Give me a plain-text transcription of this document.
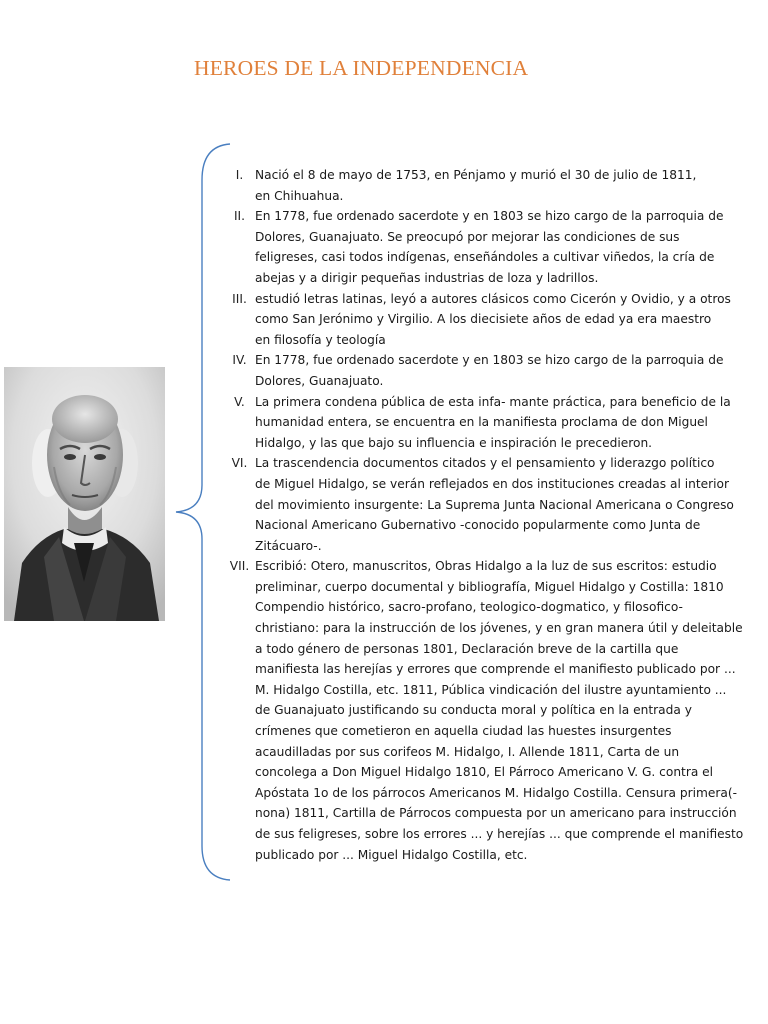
HEROES DE LA INDEPENDENCIA
I. Nació el 8 de mayo de 1753, en Pénjamo y murió el 30 de julio de 1811,
en Chihuahua.
II. En 1778, fue ordenado sacerdote y en 1803 se hizo cargo de la parroquia de
Dolores, Guanajuato. Se preocupó por mejorar las condiciones de sus
feligreses, casi todos indígenas, enseñándoles a cultivar viñedos, la cría de
abejas y a dirigir pequeñas industrias de loza y ladrillos.
III. estudió letras latinas, leyó a autores clásicos como Cicerón y Ovidio, y a otros
como San Jerónimo y Virgilio. A los diecisiete años de edad ya era maestro
en filosofía y teología
IV. En 1778, fue ordenado sacerdote y en 1803 se hizo cargo de la parroquia de
Dolores, Guanajuato.
V. La primera condena pública de esta infa- mante práctica, para beneficio de la
humanidad entera, se encuentra en la manifiesta proclama de don Miguel
Hidalgo, y las que bajo su influencia e inspiración le precedieron.
VI. La trascendencia documentos citados y el pensamiento y liderazgo político
de Miguel Hidalgo, se verán reflejados en dos instituciones creadas al interior
del movimiento insurgente: La Suprema Junta Nacional Americana o Congreso
Nacional Americano Gubernativo -conocido popularmente como Junta de
Zitácuaro-.
VII. Escribió: Otero, manuscritos, Obras Hidalgo a la luz de sus escritos: estudio
preliminar, cuerpo documental y bibliografía, Miguel Hidalgo y Costilla: 1810
Compendio histórico, sacro-profano, teologico-dogmatico, y filosofico-
christiano: para la instrucción de los jóvenes, y en gran manera útil y deleitable
a todo género de personas 1801, Declaración breve de la cartilla que
manifiesta las herejías y errores que comprende el manifiesto publicado por ...
M. Hidalgo Costilla, etc. 1811, Pública vindicación del ilustre ayuntamiento ...
de Guanajuato justificando su conducta moral y política en la entrada y
crímenes que cometieron en aquella ciudad las huestes insurgentes
acaudilladas por sus corifeos M. Hidalgo, I. Allende 1811, Carta de un
concolega a Don Miguel Hidalgo 1810, El Párroco Americano V. G. contra el
Apóstata 1o de los párrocos Americanos M. Hidalgo Costilla. Censura primera(-
nona) 1811, Cartilla de Párrocos compuesta por un americano para instrucción
de sus feligreses, sobre los errores ... y herejías ... que comprende el manifiesto
publicado por ... Miguel Hidalgo Costilla, etc.
